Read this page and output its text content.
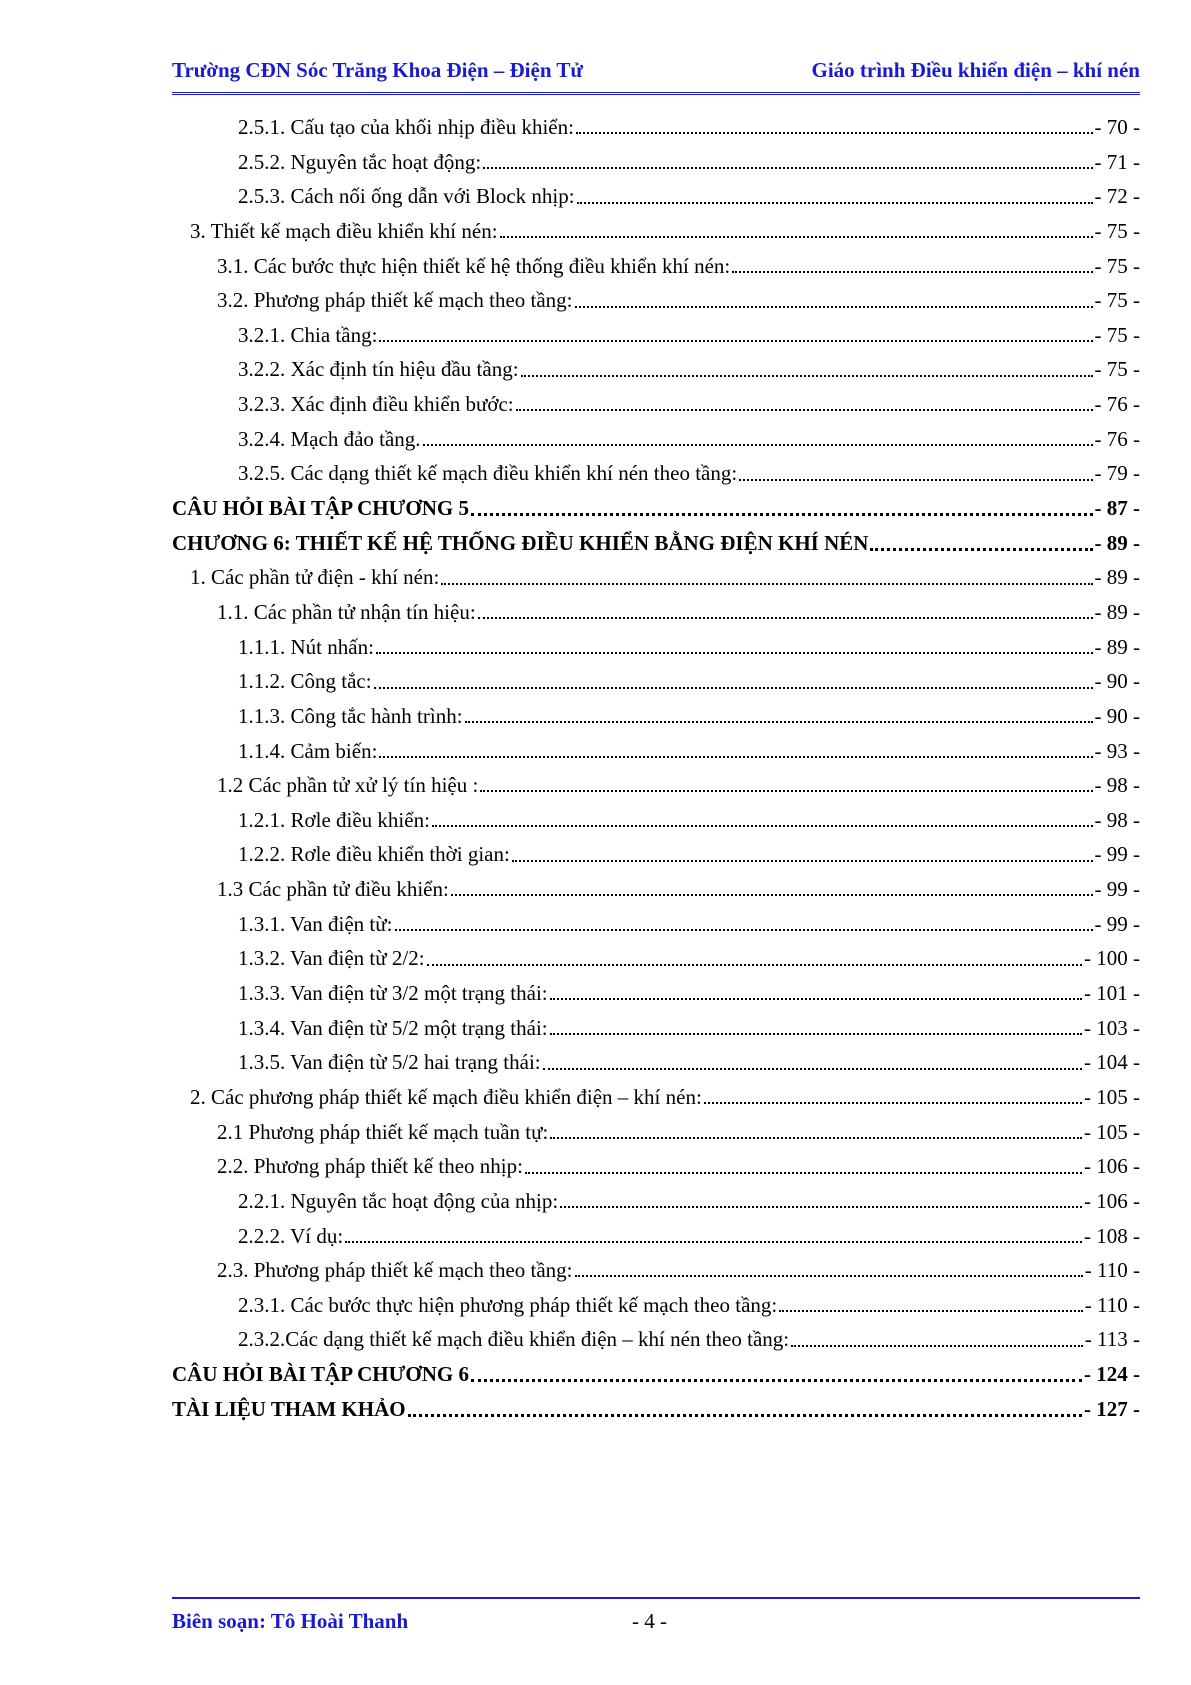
Trường CĐN Sóc Trăng Khoa Điện – Điện Tử	Giáo trình Điều khiển điện – khí nén
2.5.1. Cấu tạo của khối nhịp điều khiển:	- 70 -
2.5.2. Nguyên tắc hoạt động:	- 71 -
2.5.3. Cách nối ống dẫn với Block nhịp:	- 72 -
3. Thiết kế mạch điều khiển khí nén:	- 75 -
3.1. Các bước thực hiện thiết kế hệ thống điều khiển khí nén:	- 75 -
3.2. Phương pháp thiết kế mạch theo tầng:	- 75 -
3.2.1. Chia tầng:	- 75 -
3.2.2. Xác định tín hiệu đầu tầng:	- 75 -
3.2.3. Xác định điều khiển bước:	- 76 -
3.2.4. Mạch đảo tầng.	- 76 -
3.2.5. Các dạng thiết kế mạch điều khiển khí nén theo tầng:	- 79 -
CÂU HỎI BÀI TẬP CHƯƠNG 5	- 87 -
CHƯƠNG 6: THIẾT KẾ HỆ THỐNG ĐIỀU KHIỂN BẰNG ĐIỆN KHÍ NÉN	- 89 -
1. Các phần tử điện - khí nén:	- 89 -
1.1. Các phần tử nhận tín hiệu:	- 89 -
1.1.1. Nút nhấn:	- 89 -
1.1.2. Công tắc:	- 90 -
1.1.3. Công tắc hành trình:	- 90 -
1.1.4. Cảm biến:	- 93 -
1.2 Các phần tử xử lý tín hiệu :	- 98 -
1.2.1. Rơle điều khiển:	- 98 -
1.2.2. Rơle điều khiển thời gian:	- 99 -
1.3 Các phần tử điều khiển:	- 99 -
1.3.1. Van điện từ:	- 99 -
1.3.2. Van điện từ 2/2:	- 100 -
1.3.3. Van điện từ 3/2 một trạng thái:	- 101 -
1.3.4. Van điện từ 5/2 một trạng thái:	- 103 -
1.3.5. Van điện từ 5/2 hai trạng thái:	- 104 -
2. Các phương pháp thiết kế mạch điều khiển điện – khí nén:	- 105 -
2.1 Phương pháp thiết kế mạch tuần tự:	- 105 -
2.2. Phương pháp thiết kế theo nhịp:	- 106 -
2.2.1. Nguyên tắc hoạt động của nhịp:	- 106 -
2.2.2. Ví dụ:	- 108 -
2.3. Phương pháp thiết kế mạch theo tầng:	- 110 -
2.3.1. Các bước thực hiện phương pháp thiết kế mạch theo tầng:	- 110 -
2.3.2.Các dạng thiết kế mạch điều khiển điện – khí nén theo tầng:	- 113 -
CÂU HỎI BÀI TẬP CHƯƠNG 6	- 124 -
TÀI LIỆU THAM KHẢO	- 127 -
Biên soạn: Tô Hoài Thanh	- 4 -
